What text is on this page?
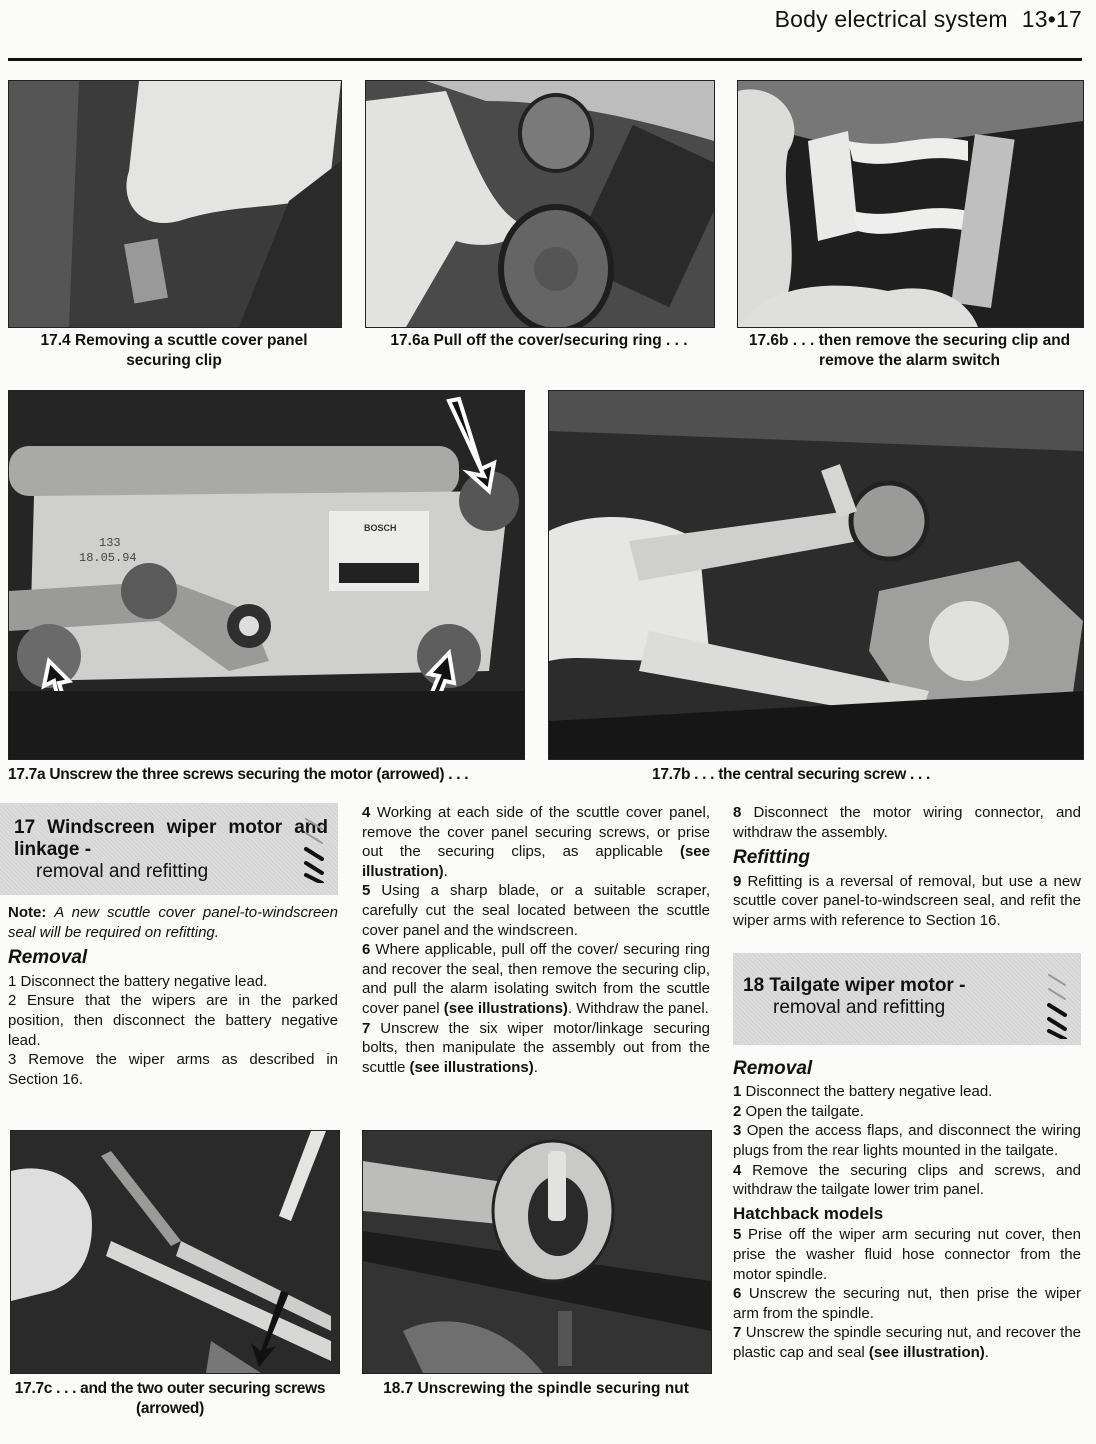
Body electrical system 13•17
17.4 Removing a scuttle cover panel securing clip
17.6a Pull off the cover/securing ring . . .	17.6b . . . then remove the securing clip and remove the alarm switch
BOSCH
133
18.05.94
17.7a Unscrew the three screws securing the motor (arrowed) . . .	17.7b . . . the central securing screw . . .
17 Windscreen wiper motor and linkage -
removal and refitting

Note: A new scuttle cover panel-to-windscreen seal will be required on refitting.

Removal

1 Disconnect the battery negative lead.

2 Ensure that the wipers are in the parked position, then disconnect the battery negative lead.

3 Remove the wiper arms as described in Section 16.

4 Working at each side of the scuttle cover panel, remove the cover panel securing screws, or prise out the securing clips, as applicable (see illustration).

5 Using a sharp blade, or a suitable scraper, carefully cut the seal located between the scuttle cover panel and the windscreen.

6 Where applicable, pull off the cover/ securing ring and recover the seal, then remove the securing clip, and pull the alarm isolating switch from the scuttle cover panel (see illustrations). Withdraw the panel.

7 Unscrew the six wiper motor/linkage securing bolts, then manipulate the assembly out from the scuttle (see illustrations).

8 Disconnect the motor wiring connector, and withdraw the assembly.

Refitting

9 Refitting is a reversal of removal, but use a new scuttle cover panel-to-windscreen seal, and refit the wiper arms with reference to Section 16.

18 Tailgate wiper motor -
removal and refitting
Removal

1 Disconnect the battery negative lead.

2 Open the tailgate.

3 Open the access flaps, and disconnect the wiring plugs from the rear lights mounted in the tailgate.

4 Remove the securing clips and screws, and withdraw the tailgate lower trim panel.

Hatchback models

5 Prise off the wiper arm securing nut cover, then prise the washer fluid hose connector from the motor spindle.

6 Unscrew the securing nut, then prise the wiper arm from the spindle.

7 Unscrew the spindle securing nut, and recover the plastic cap and seal (see illustration).

17.7c . . . and the two outer securing screws (arrowed)
18.7 Unscrewing the spindle securing nut
